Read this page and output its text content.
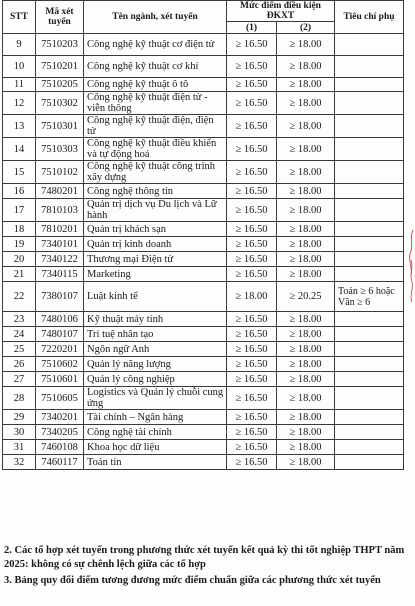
STT	Mã xét tuyển	Tên ngành, xét tuyển	Mức điểm điều kiện ĐKXT		Tiêu chí phụ
			(1)	(2)	
9	7510203	Công nghệ kỹ thuật cơ điện tử	≥ 16.50	≥ 18.00	
10	7510201	Công nghệ kỹ thuật cơ khí	≥ 16.50	≥ 18.00	
11	7510205	Công nghệ kỹ thuật ô tô	≥ 16.50	≥ 18.00	
12	7510302	Công nghệ kỹ thuật điện tử - viễn thông	≥ 16.50	≥ 18.00	
13	7510301	Công nghệ kỹ thuật điện, điện tử	≥ 16.50	≥ 18.00	
14	7510303	Công nghệ kỹ thuật điều khiển và tự động hoá	≥ 16.50	≥ 18.00	
15	7510102	Công nghệ kỹ thuật công trình xây dựng	≥ 16.50	≥ 18.00	
16	7480201	Công nghệ thông tin	≥ 16.50	≥ 18.00	
17	7810103	Quản trị dịch vụ Du lịch và Lữ hành	≥ 16.50	≥ 18.00	
18	7810201	Quản trị khách sạn	≥ 16.50	≥ 18.00	
19	7340101	Quản trị kinh doanh	≥ 16.50	≥ 18.00	
20	7340122	Thương mại Điện tử	≥ 16.50	≥ 18.00	
21	7340115	Marketing	≥ 16.50	≥ 18.00	
22	7380107	Luật kinh tế	≥ 18.00	≥ 20.25	Toán ≥ 6 hoặc Văn ≥ 6
23	7480106	Kỹ thuật máy tính	≥ 16.50	≥ 18.00	
24	7480107	Trí tuệ nhân tạo	≥ 16.50	≥ 18.00	
25	7220201	Ngôn ngữ Anh	≥ 16.50	≥ 18.00	
26	7510602	Quản lý năng lượng	≥ 16.50	≥ 18.00	
27	7510601	Quản lý công nghiệp	≥ 16.50	≥ 18.00	
28	7510605	Logistics và Quản lý chuỗi cung ứng	≥ 16.50	≥ 18.00	
29	7340201	Tài chính – Ngân hàng	≥ 16.50	≥ 18.00	
30	7340205	Công nghệ tài chính	≥ 16.50	≥ 18.00	
31	7460108	Khoa học dữ liệu	≥ 16.50	≥ 18.00	
32	7460117	Toán tin	≥ 16.50	≥ 18.00	

2. Các tổ hợp xét tuyển trong phương thức xét tuyển kết quả kỳ thi tốt nghiệp THPT năm 2025: không có sự chênh lệch giữa các tổ hợp

3. Bảng quy đổi điểm tương đương mức điểm chuẩn giữa các phương thức xét tuyển
